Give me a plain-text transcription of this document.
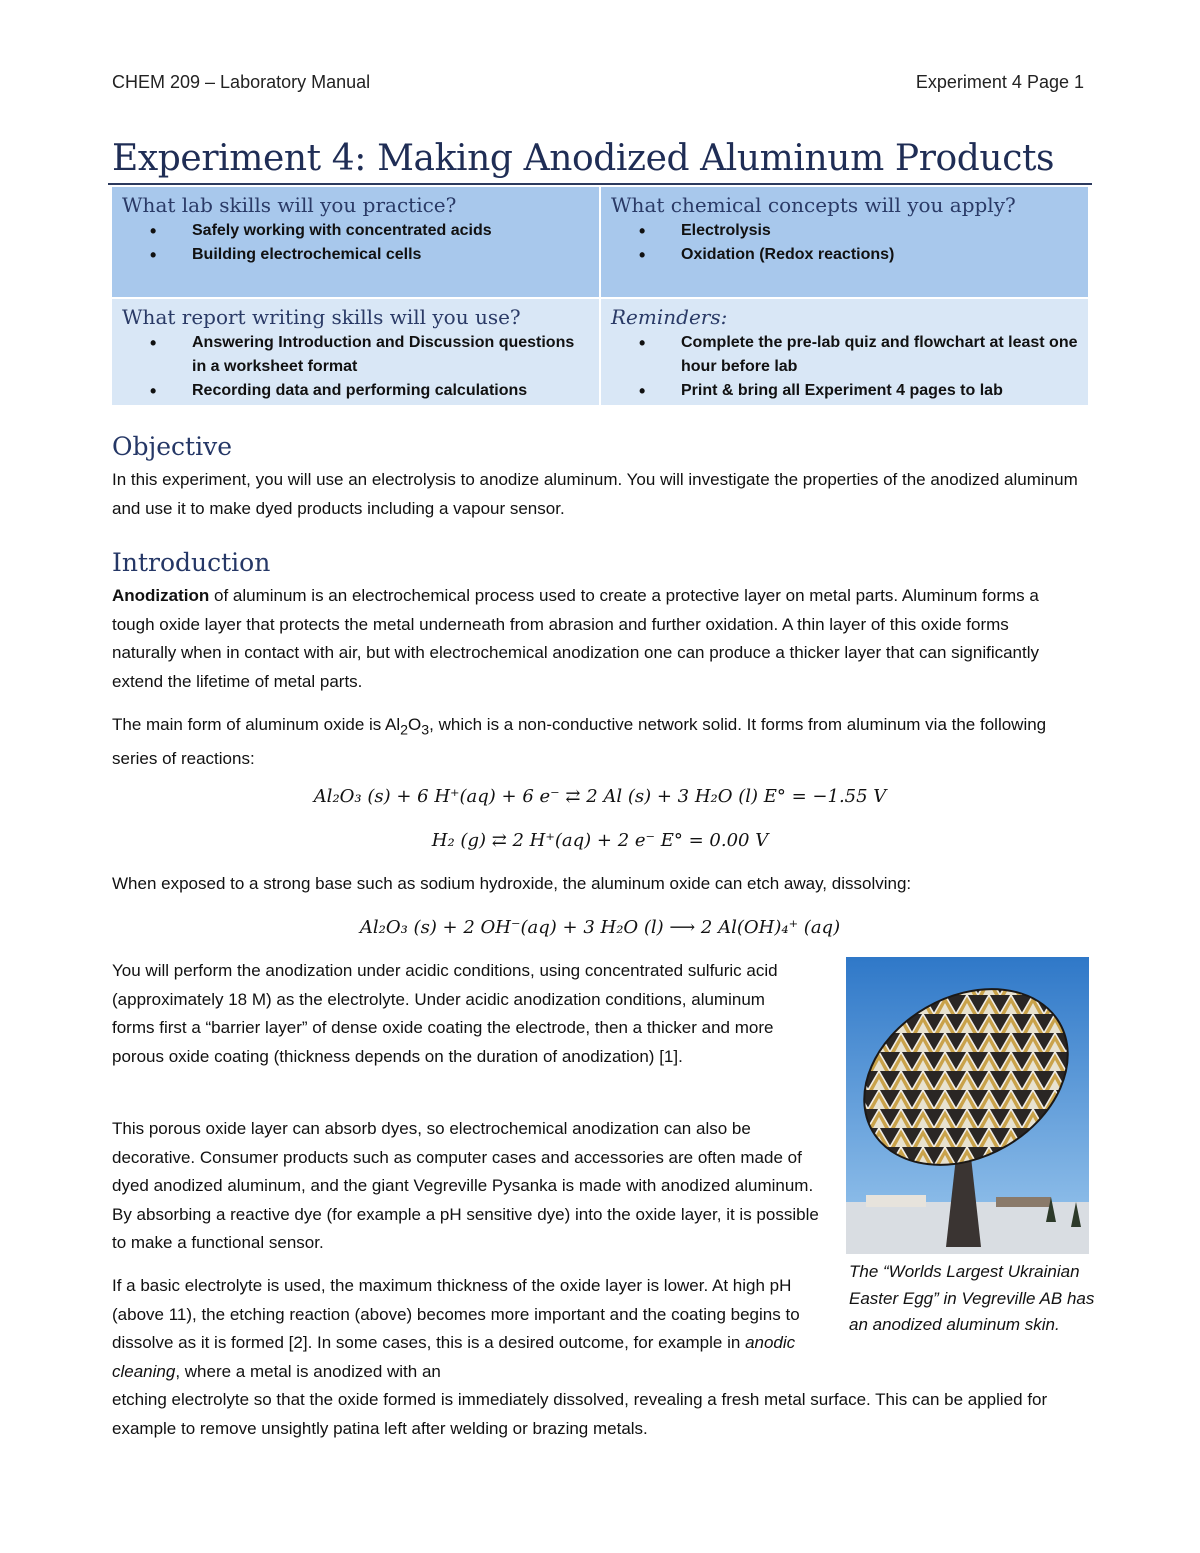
CHEM 209 – Laboratory Manual	Experiment 4 Page 1
Experiment 4: Making Anodized Aluminum Products
What lab skills will you practice?
• Safely working with concentrated acids
• Building electrochemical cells
What chemical concepts will you apply?
• Electrolysis
• Oxidation (Redox reactions)
What report writing skills will you use?
• Answering Introduction and Discussion questions in a worksheet format
• Recording data and performing calculations
Reminders:
• Complete the pre-lab quiz and flowchart at least one hour before lab
• Print & bring all Experiment 4 pages to lab
Objective

In this experiment, you will use an electrolysis to anodize aluminum. You will investigate the properties of the anodized aluminum and use it to make dyed products including a vapour sensor.

Introduction

Anodization of aluminum is an electrochemical process used to create a protective layer on metal parts. Aluminum forms a tough oxide layer that protects the metal underneath from abrasion and further oxidation. A thin layer of this oxide forms naturally when in contact with air, but with electrochemical anodization one can produce a thicker layer that can significantly extend the lifetime of metal parts.

The main form of aluminum oxide is $Al_2O_3$, which is a non-conductive network solid. It forms from aluminum via the following series of reactions:

Al₂O₃ (s) + 6 H⁺(aq) + 6 e⁻ ⇄ 2 Al (s) + 3 H₂O (l) E° = −1.55 V
H₂ (g) ⇄ 2 H⁺(aq) + 2 e⁻ E° = 0.00 V

When exposed to a strong base such as sodium hydroxide, the aluminum oxide can etch away, dissolving:

Al₂O₃ (s) + 2 OH⁻(aq) + 3 H₂O (l) ⟶ 2 Al(OH)₄⁺ (aq)

You will perform the anodization under acidic conditions, using concentrated sulfuric acid (approximately 18 M) as the electrolyte. Under acidic anodization conditions, aluminum forms first a “barrier layer” of dense oxide coating the electrode, then a thicker and more porous oxide coating (thickness depends on the duration of anodization) [1].

This porous oxide layer can absorb dyes, so electrochemical anodization can also be decorative. Consumer products such as computer cases and accessories are often made of dyed anodized aluminum, and the giant Vegreville Pysanka is made with anodized aluminum. By absorbing a reactive dye (for example a pH sensitive dye) into the oxide layer, it is possible to make a functional sensor.

If a basic electrolyte is used, the maximum thickness of the oxide layer is lower. At high pH (above 11), the etching reaction (above) becomes more important and the coating begins to dissolve as it is formed [2]. In some cases, this is a desired outcome, for example in anodic cleaning, where a metal is anodized with an

etching electrolyte so that the oxide formed is immediately dissolved, revealing a fresh metal surface. This can be applied for example to remove unsightly patina left after welding or brazing metals.

The “Worlds Largest Ukrainian Easter Egg” in Vegreville AB has an anodized aluminum skin.
